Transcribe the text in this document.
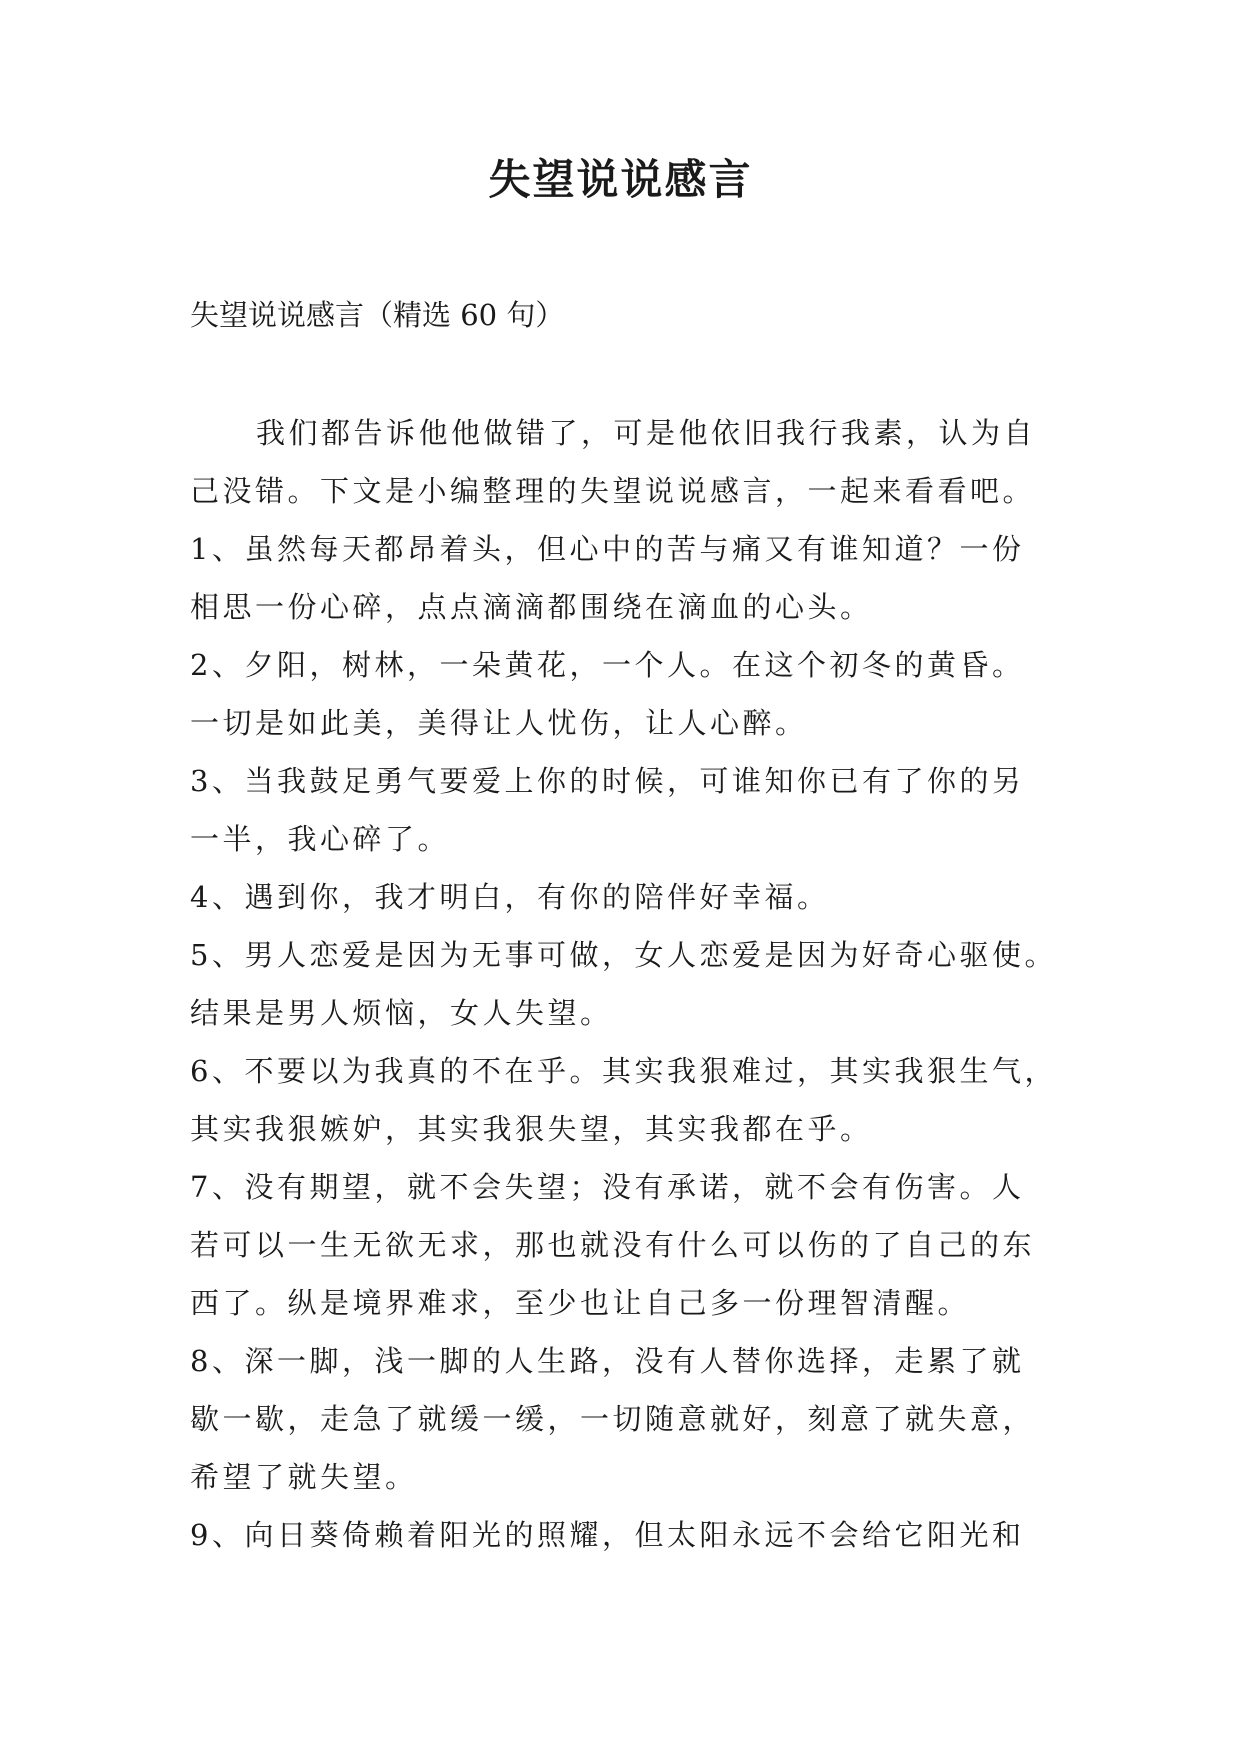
失望说说感言

失望说说感言（精选 60 句）

我们都告诉他他做错了，可是他依旧我行我素，认为自
己没错。下文是小编整理的失望说说感言，一起来看看吧。
1、虽然每天都昂着头，但心中的苦与痛又有谁知道？一份
相思一份心碎，点点滴滴都围绕在滴血的心头。
2、夕阳，树林，一朵黄花，一个人。在这个初冬的黄昏。
一切是如此美，美得让人忧伤，让人心醉。
3、当我鼓足勇气要爱上你的时候，可谁知你已有了你的另
一半，我心碎了。
4、遇到你，我才明白，有你的陪伴好幸福。
5、男人恋爱是因为无事可做，女人恋爱是因为好奇心驱使。
结果是男人烦恼，女人失望。
6、不要以为我真的不在乎。其实我狠难过，其实我狠生气，
其实我狠嫉妒，其实我狠失望，其实我都在乎。
7、没有期望，就不会失望；没有承诺，就不会有伤害。人
若可以一生无欲无求，那也就没有什么可以伤的了自己的东
西了。纵是境界难求，至少也让自己多一份理智清醒。
8、深一脚，浅一脚的人生路，没有人替你选择，走累了就
歇一歇，走急了就缓一缓，一切随意就好，刻意了就失意，
希望了就失望。
9、向日葵倚赖着阳光的照耀，但太阳永远不会给它阳光和
